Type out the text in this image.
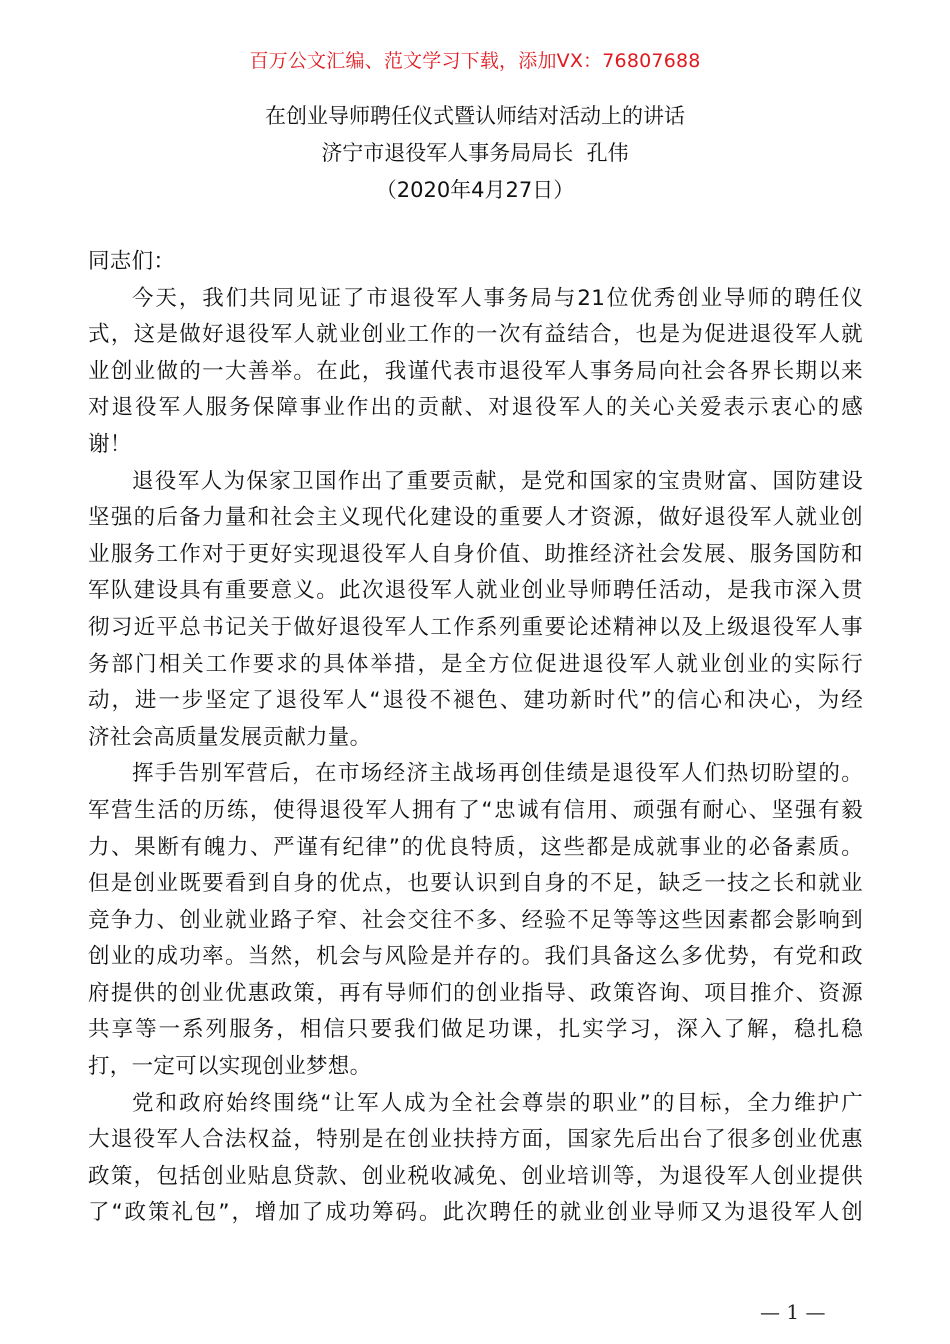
百万公文汇编、范文学习下载，添加VX：76807688
在创业导师聘任仪式暨认师结对活动上的讲话
济宁市退役军人事务局局长  孔伟
（2020年4月27日）
同志们：
今天，我们共同见证了市退役军人事务局与21位优秀创业导师的聘任仪
式，这是做好退役军人就业创业工作的一次有益结合，也是为促进退役军人就
业创业做的一大善举。在此，我谨代表市退役军人事务局向社会各界长期以来
对退役军人服务保障事业作出的贡献、对退役军人的关心关爱表示衷心的感
谢！
退役军人为保家卫国作出了重要贡献，是党和国家的宝贵财富、国防建设
坚强的后备力量和社会主义现代化建设的重要人才资源，做好退役军人就业创
业服务工作对于更好实现退役军人自身价值、助推经济社会发展、服务国防和
军队建设具有重要意义。此次退役军人就业创业导师聘任活动，是我市深入贯
彻习近平总书记关于做好退役军人工作系列重要论述精神以及上级退役军人事
务部门相关工作要求的具体举措，是全方位促进退役军人就业创业的实际行
动，进一步坚定了退役军人“退役不褪色、建功新时代”的信心和决心，为经
济社会高质量发展贡献力量。
挥手告别军营后，在市场经济主战场再创佳绩是退役军人们热切盼望的。
军营生活的历练，使得退役军人拥有了“忠诚有信用、顽强有耐心、坚强有毅
力、果断有魄力、严谨有纪律”的优良特质，这些都是成就事业的必备素质。
但是创业既要看到自身的优点，也要认识到自身的不足，缺乏一技之长和就业
竞争力、创业就业路子窄、社会交往不多、经验不足等等这些因素都会影响到
创业的成功率。当然，机会与风险是并存的。我们具备这么多优势，有党和政
府提供的创业优惠政策，再有导师们的创业指导、政策咨询、项目推介、资源
共享等一系列服务，相信只要我们做足功课，扎实学习，深入了解，稳扎稳
打，一定可以实现创业梦想。
党和政府始终围绕“让军人成为全社会尊崇的职业”的目标，全力维护广
大退役军人合法权益，特别是在创业扶持方面，国家先后出台了很多创业优惠
政策，包括创业贴息贷款、创业税收减免、创业培训等，为退役军人创业提供
了“政策礼包”，增加了成功筹码。此次聘任的就业创业导师又为退役军人创
— 1 —
